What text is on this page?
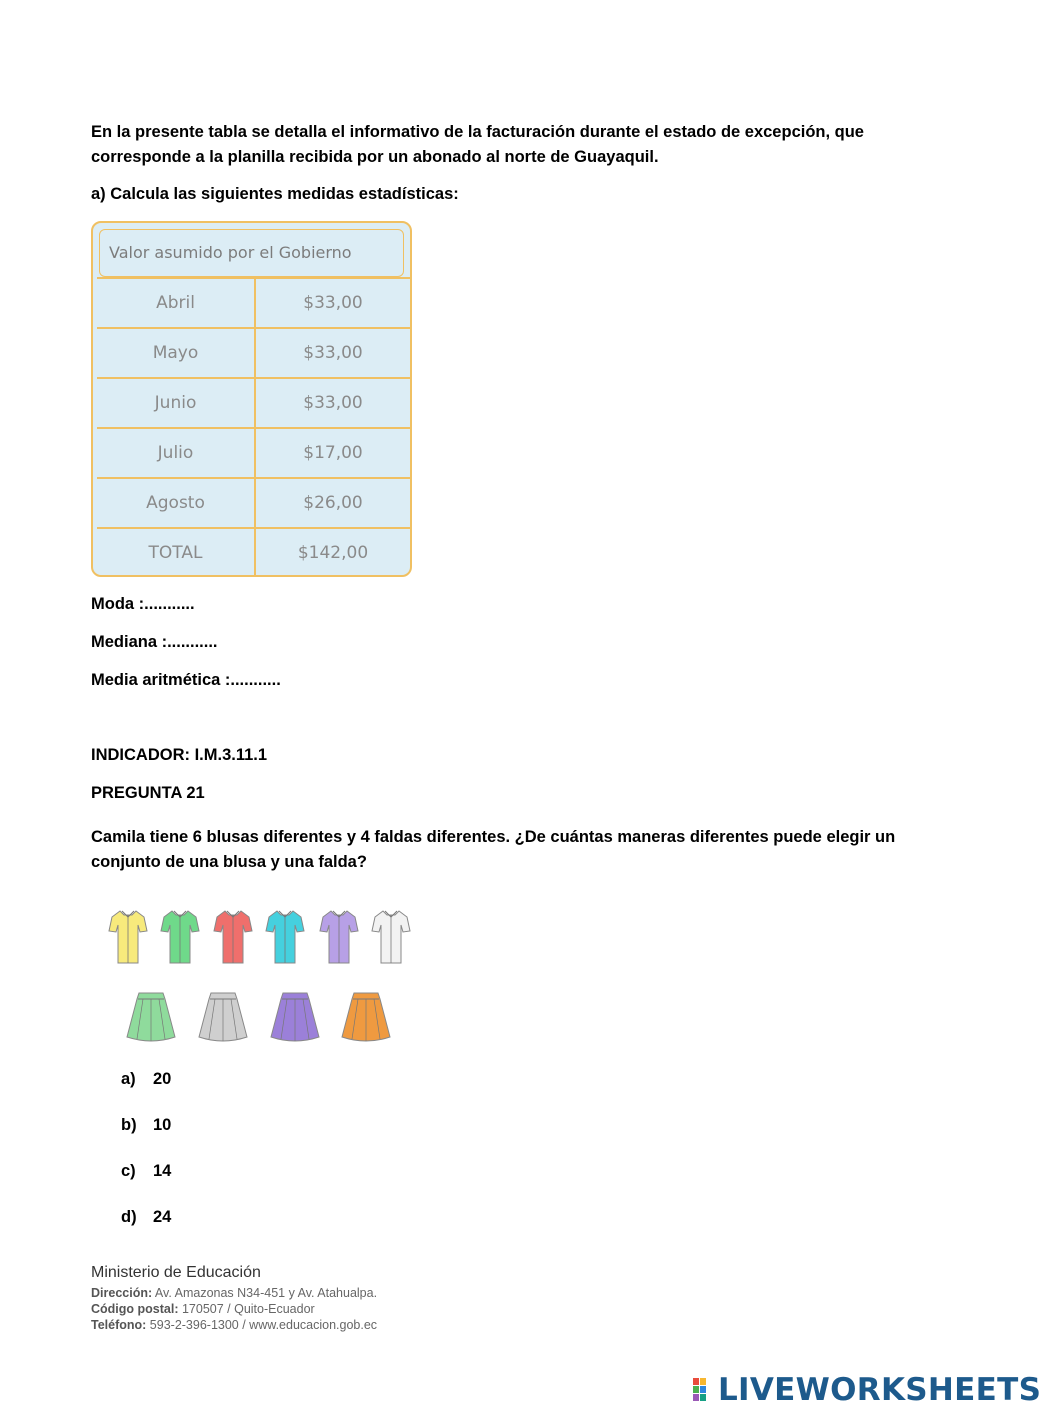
En la presente tabla se detalla el informativo de la facturación durante el estado de excepción, que corresponde a la planilla recibida por un abonado al norte de Guayaquil.
a) Calcula las siguientes medidas estadísticas:
Valor asumido por el Gobierno
Abril	$33,00
Mayo	$33,00
Junio	$33,00
Julio	$17,00
Agosto	$26,00
TOTAL	$142,00
Moda :...........
Mediana :...........
Media aritmética :...........
INDICADOR: I.M.3.11.1
PREGUNTA 21
Camila tiene 6 blusas diferentes y 4 faldas diferentes. ¿De cuántas maneras diferentes puede elegir un conjunto de una blusa y una falda?
a) 20
b) 10
c) 14
d) 24
Ministerio de Educación
Dirección: Av. Amazonas N34-451 y Av. Atahualpa.
Código postal: 170507 / Quito-Ecuador
Teléfono: 593-2-396-1300 / www.educacion.gob.ec
LIVEWORKSHEETS
